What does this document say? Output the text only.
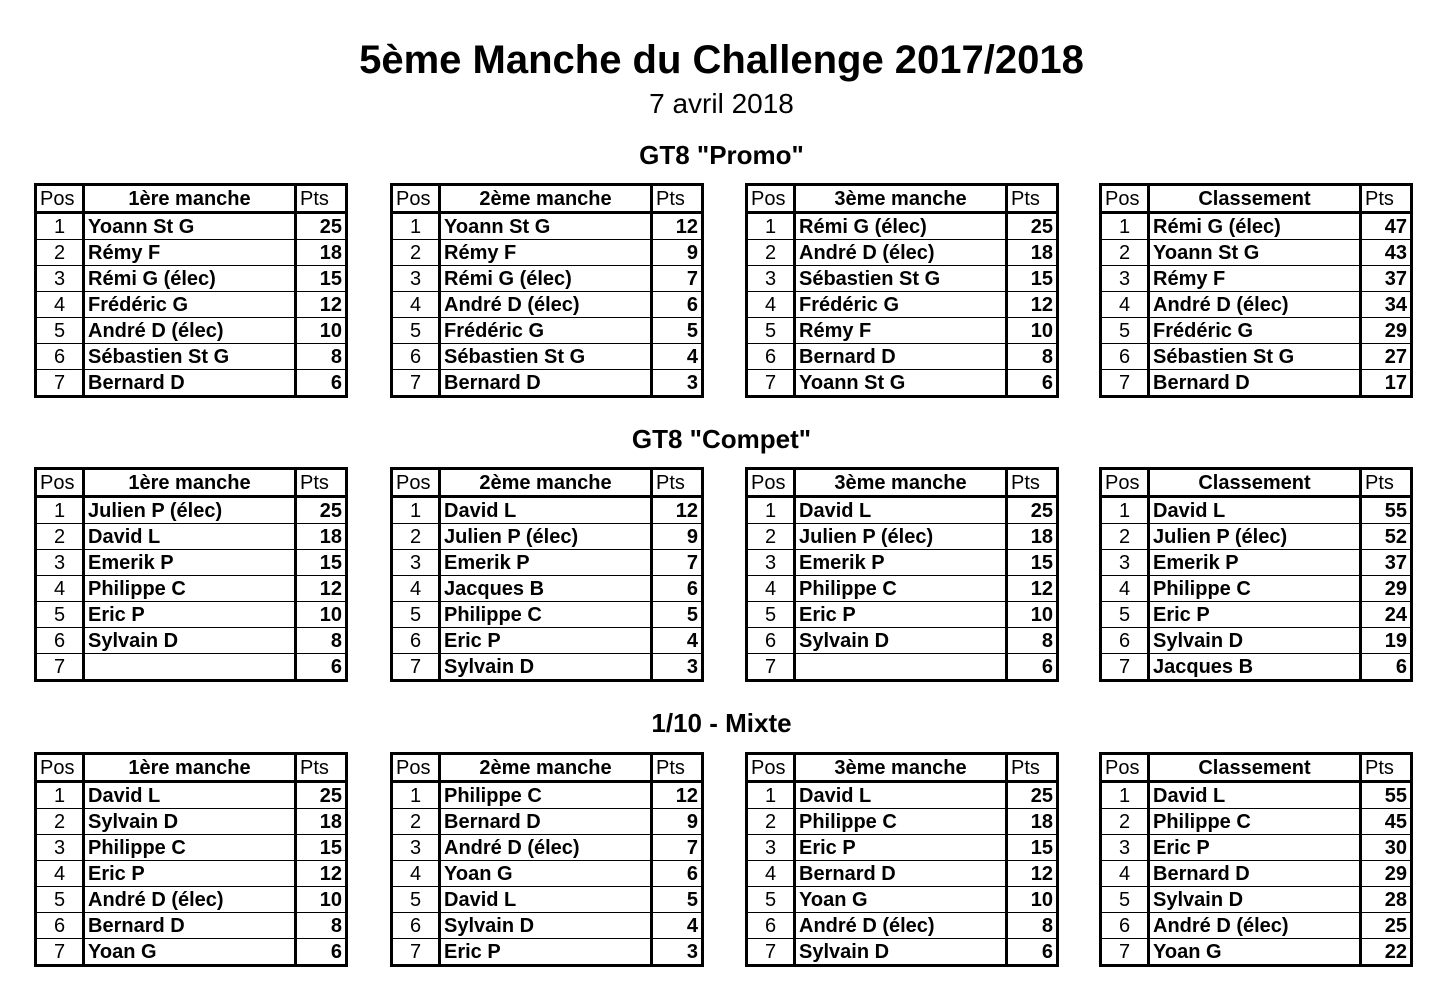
5ème Manche du Challenge 2017/2018
7 avril 2018
GT8 "Promo"
Pos	1ère manche	Pts
1	Yoann St G	25
2	Rémy F	18
3	Rémi G (élec)	15
4	Frédéric G	12
5	André D (élec)	10
6	Sébastien St G	8
7	Bernard D	6
Pos	2ème manche	Pts
1	Yoann St G	12
2	Rémy F	9
3	Rémi G (élec)	7
4	André D (élec)	6
5	Frédéric G	5
6	Sébastien St G	4
7	Bernard D	3
Pos	3ème manche	Pts
1	Rémi G (élec)	25
2	André D (élec)	18
3	Sébastien St G	15
4	Frédéric G	12
5	Rémy F	10
6	Bernard D	8
7	Yoann St G	6
Pos	Classement	Pts
1	Rémi G (élec)	47
2	Yoann St G	43
3	Rémy F	37
4	André D (élec)	34
5	Frédéric G	29
6	Sébastien St G	27
7	Bernard D	17
GT8 "Compet"
Pos	1ère manche	Pts
1	Julien P (élec)	25
2	David L	18
3	Emerik P	15
4	Philippe C	12
5	Eric P	10
6	Sylvain D	8
7		6
Pos	2ème manche	Pts
1	David L	12
2	Julien P (élec)	9
3	Emerik P	7
4	Jacques B	6
5	Philippe C	5
6	Eric P	4
7	Sylvain D	3
Pos	3ème manche	Pts
1	David L	25
2	Julien P (élec)	18
3	Emerik P	15
4	Philippe C	12
5	Eric P	10
6	Sylvain D	8
7		6
Pos	Classement	Pts
1	David L	55
2	Julien P (élec)	52
3	Emerik P	37
4	Philippe C	29
5	Eric P	24
6	Sylvain D	19
7	Jacques B	6
1/10 - Mixte
Pos	1ère manche	Pts
1	David L	25
2	Sylvain D	18
3	Philippe C	15
4	Eric P	12
5	André D (élec)	10
6	Bernard D	8
7	Yoan G	6
Pos	2ème manche	Pts
1	Philippe C	12
2	Bernard D	9
3	André D (élec)	7
4	Yoan G	6
5	David L	5
6	Sylvain D	4
7	Eric P	3
Pos	3ème manche	Pts
1	David L	25
2	Philippe C	18
3	Eric P	15
4	Bernard D	12
5	Yoan G	10
6	André D (élec)	8
7	Sylvain D	6
Pos	Classement	Pts
1	David L	55
2	Philippe C	45
3	Eric P	30
4	Bernard D	29
5	Sylvain D	28
6	André D (élec)	25
7	Yoan G	22
